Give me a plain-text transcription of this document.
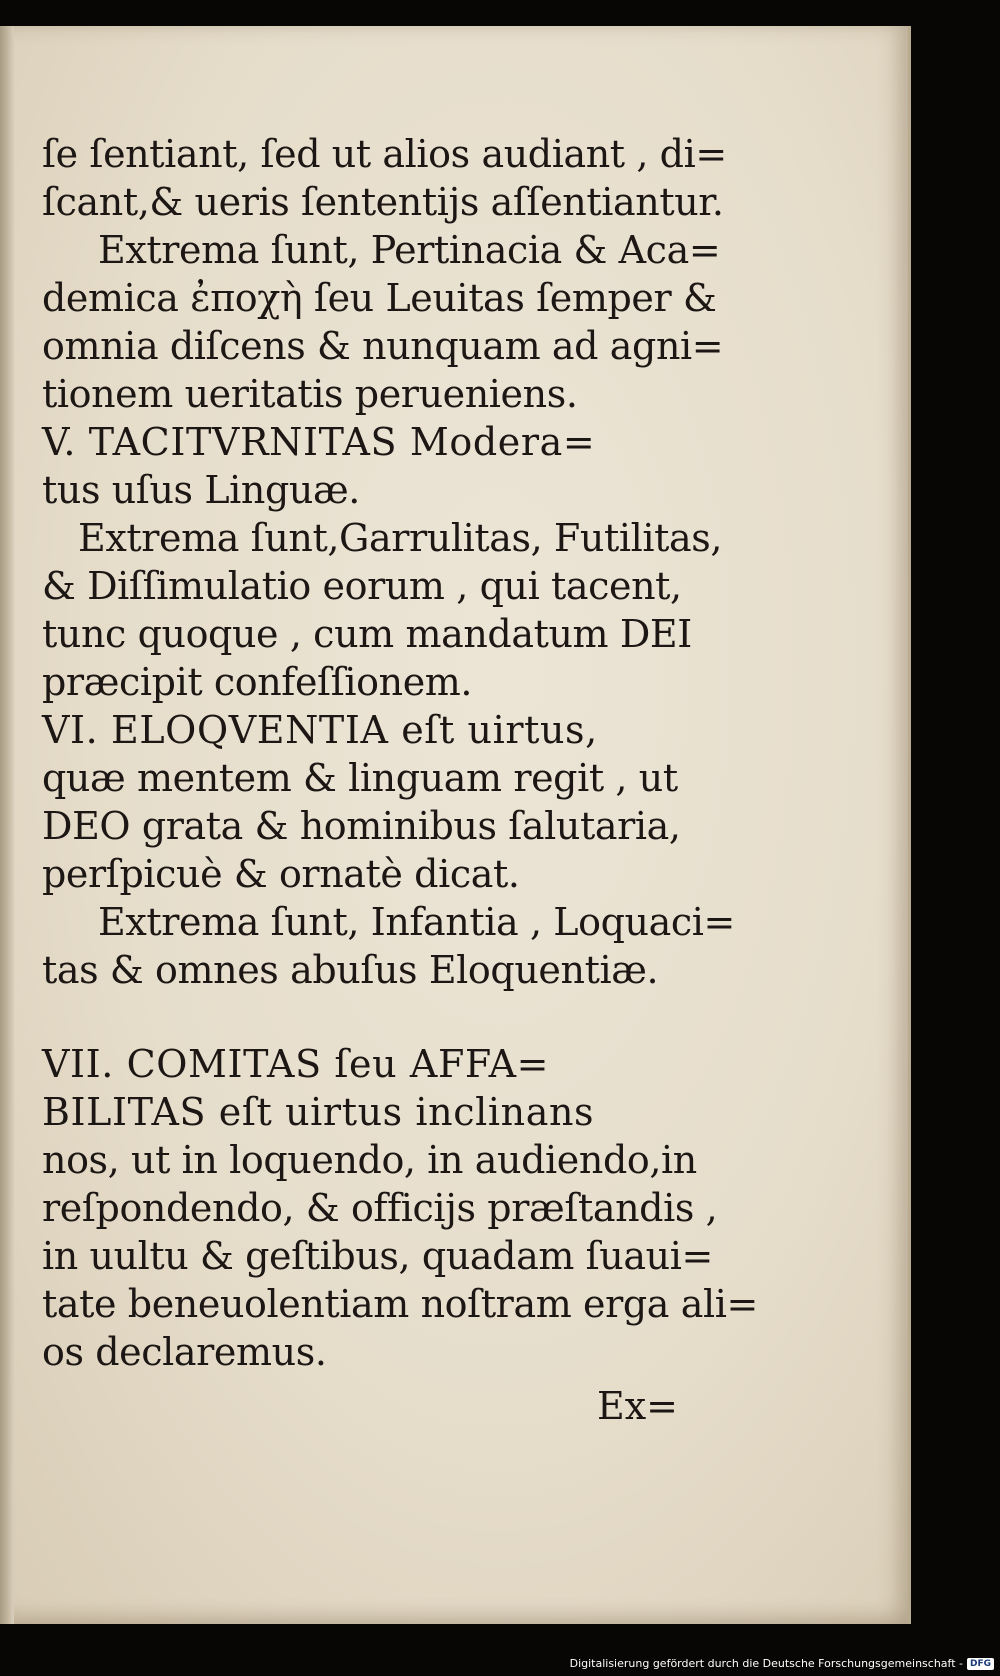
ſe ſentiant, ſed ut alios audiant , di=
ſcant,& ueris ſententijs aſſentiantur.
Extrema ſunt, Pertinacia & Aca=
demica ἐποχὴ ſeu Leuitas ſemper &
omnia diſcens & nunquam ad agni=
tionem ueritatis perueniens.
V. TACITVRNITAS Modera=
tus uſus Linguæ.
Extrema ſunt,Garrulitas, Futilitas,
& Diſſimulatio eorum , qui tacent,
tunc quoque , cum mandatum DEI
præcipit confeſſionem.
VI. ELOQVENTIA eſt uirtus,
quæ mentem & linguam regit , ut
DEO grata & hominibus ſalutaria,
perſpicuè & ornatè dicat.
Extrema ſunt, Infantia , Loquaci=
tas & omnes abuſus Eloquentiæ.
VII. COMITAS ſeu AFFA=
BILITAS eſt uirtus inclinans
nos, ut in loquendo, in audiendo,in
reſpondendo, & officijs præſtandis ,
in uultu & geſtibus, quadam ſuaui=
tate beneuolentiam noſtram erga ali=
os declaremus.
Ex=
Digitalisierung gefördert durch die Deutsche Forschungsgemeinschaft - DFG
